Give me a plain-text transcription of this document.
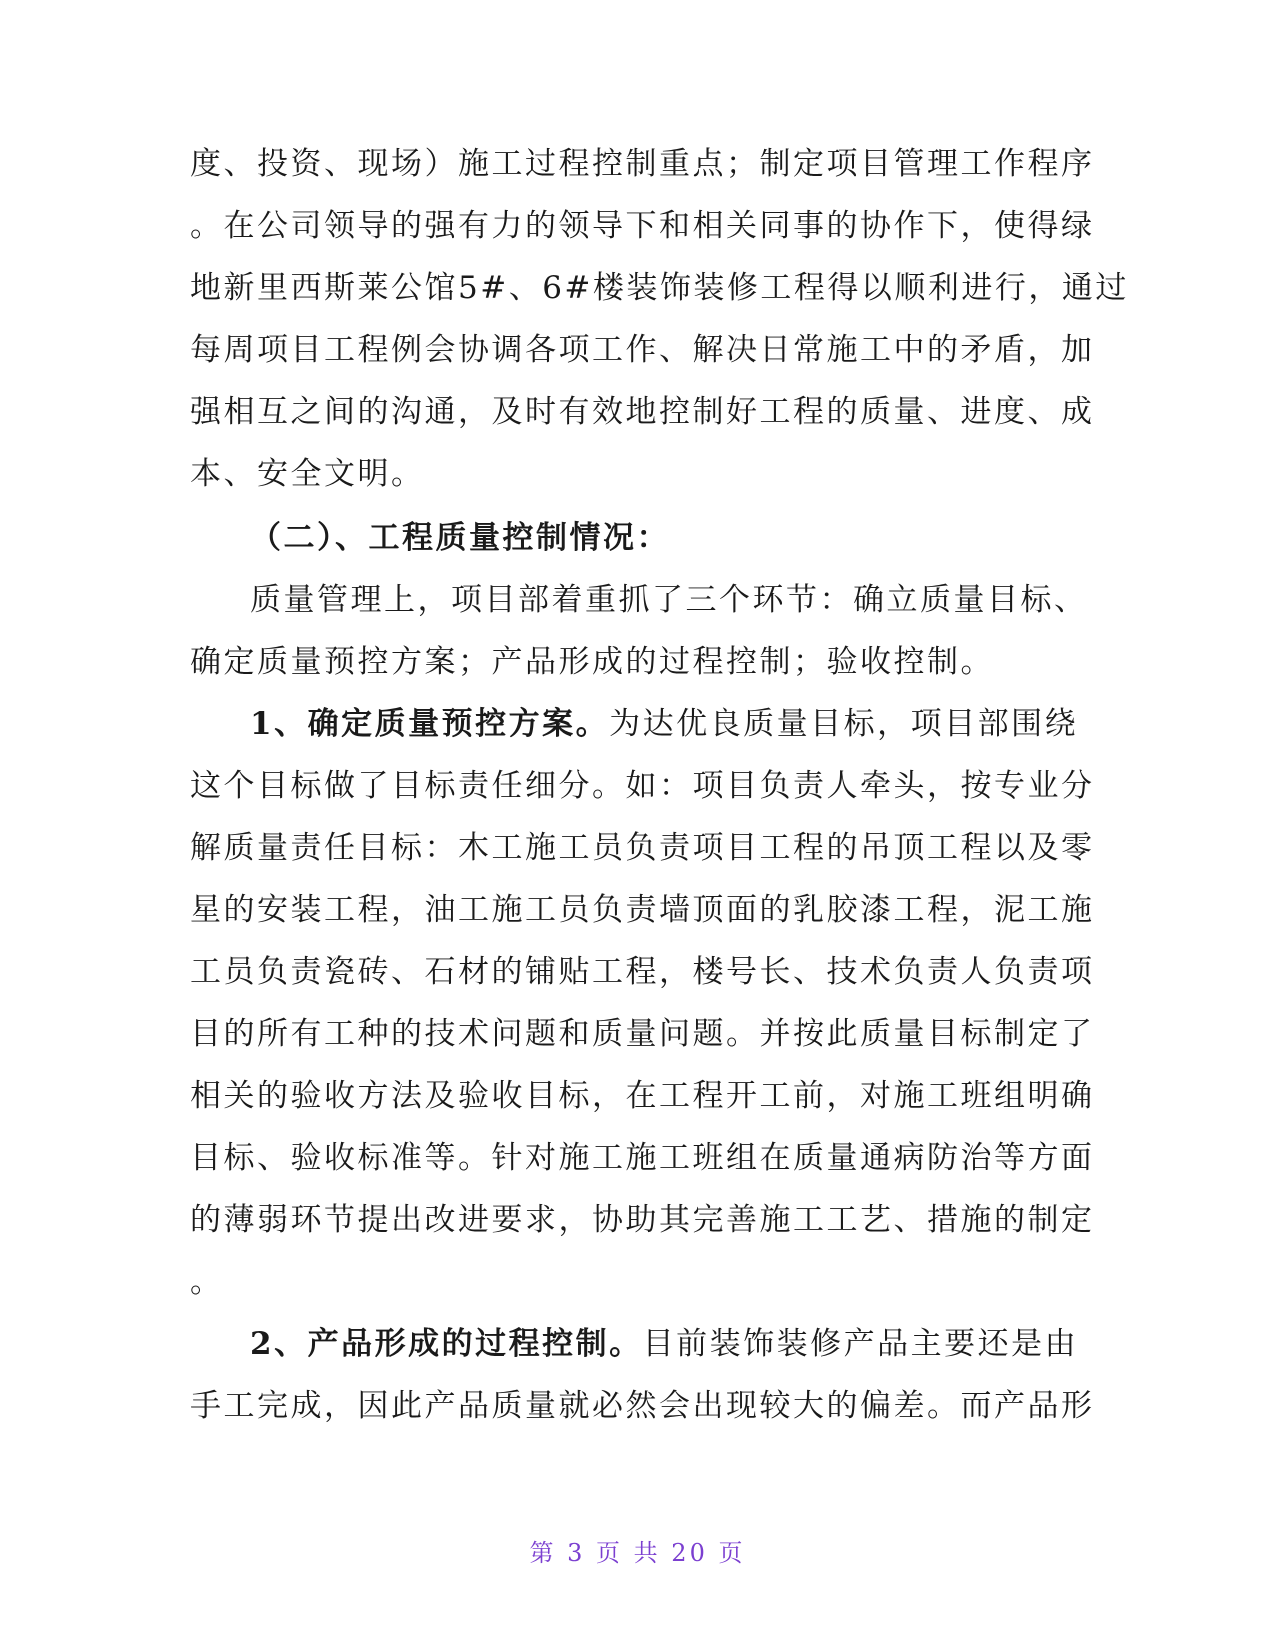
度、投资、现场）施工过程控制重点；制定项目管理工作程序
。在公司领导的强有力的领导下和相关同事的协作下，使得绿
地新里西斯莱公馆5#、6#楼装饰装修工程得以顺利进行，通过
每周项目工程例会协调各项工作、解决日常施工中的矛盾，加
强相互之间的沟通，及时有效地控制好工程的质量、进度、成
本、安全文明。
（二）、工程质量控制情况：
质量管理上，项目部着重抓了三个环节：确立质量目标、
确定质量预控方案；产品形成的过程控制；验收控制。
1、确定质量预控方案。为达优良质量目标，项目部围绕
这个目标做了目标责任细分。如：项目负责人牵头，按专业分
解质量责任目标：木工施工员负责项目工程的吊顶工程以及零
星的安装工程，油工施工员负责墙顶面的乳胶漆工程，泥工施
工员负责瓷砖、石材的铺贴工程，楼号长、技术负责人负责项
目的所有工种的技术问题和质量问题。并按此质量目标制定了
相关的验收方法及验收目标，在工程开工前，对施工班组明确
目标、验收标准等。针对施工施工班组在质量通病防治等方面
的薄弱环节提出改进要求，协助其完善施工工艺、措施的制定
。
2、产品形成的过程控制。目前装饰装修产品主要还是由
手工完成，因此产品质量就必然会出现较大的偏差。而产品形
第 3 页 共 20 页
